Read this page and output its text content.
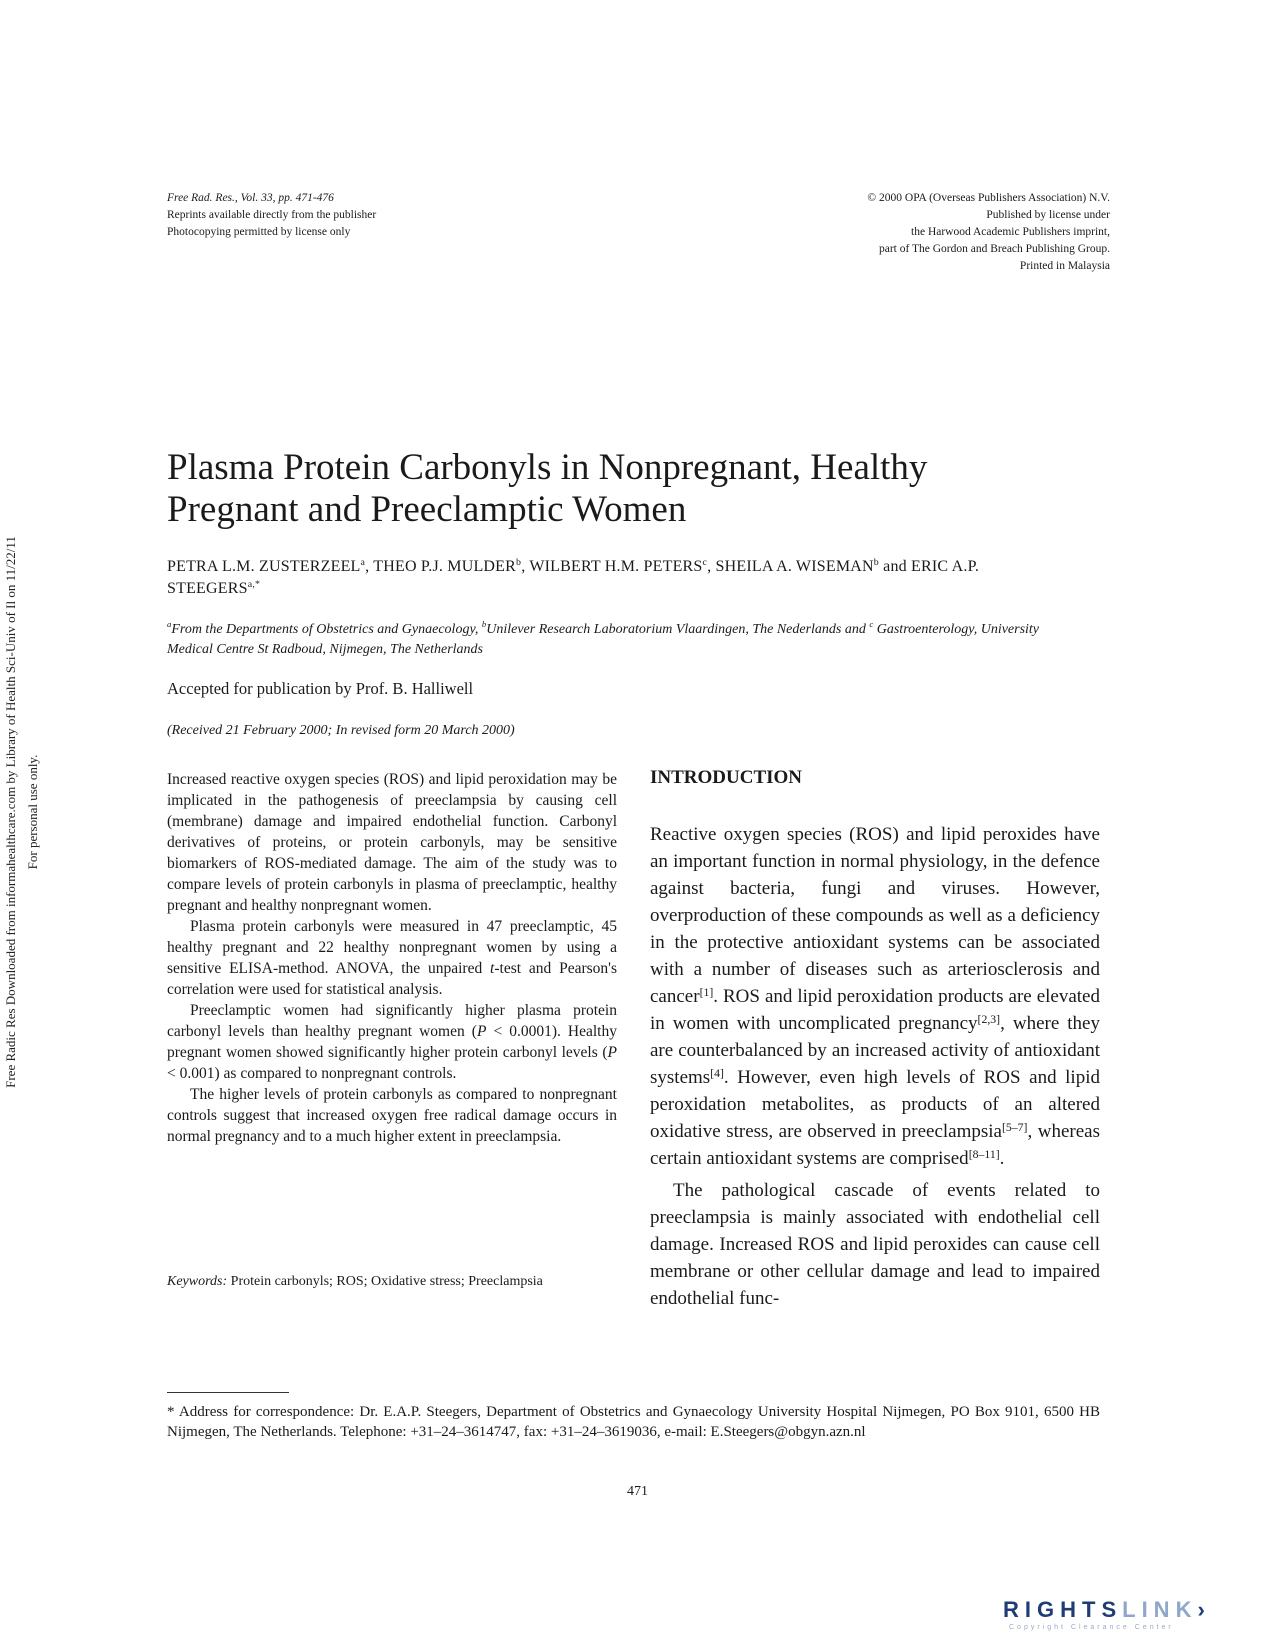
Free Rad. Res., Vol. 33, pp. 471-476
Reprints available directly from the publisher
Photocopying permitted by license only
© 2000 OPA (Overseas Publishers Association) N.V.
Published by license under
the Harwood Academic Publishers imprint,
part of The Gordon and Breach Publishing Group.
Printed in Malaysia
Free Radic Res Downloaded from informahealthcare.com by Library of Health Sci-Univ of Il on 11/22/11 For personal use only.
Plasma Protein Carbonyls in Nonpregnant, Healthy
Pregnant and Preeclamptic Women
PETRA L.M. ZUSTERZEEL$^a$, THEO P.J. MULDER$^b$, WILBERT H.M. PETERS$^c$, SHEILA A. WISEMAN$^b$ and ERIC A.P. $STEEGERS^{a,*}$
$^a$From the Departments of Obstetrics and Gynaecology, $^b$Unilever Research Laboratorium Vlaardingen, The Nederlands and $^c$ Gastroenterology, University Medical Centre St Radboud, Nijmegen, The Netherlands
Accepted for publication by Prof. B. Halliwell
(Received 21 February 2000; In revised form 20 March 2000)

Increased reactive oxygen species (ROS) and lipid peroxidation may be implicated in the pathogenesis of preeclampsia by causing cell (membrane) damage and impaired endothelial function. Carbonyl derivatives of proteins, or protein carbonyls, may be sensitive biomarkers of ROS-mediated damage. The aim of the study was to compare levels of protein carbonyls in plasma of preeclamptic, healthy pregnant and healthy nonpregnant women.

Plasma protein carbonyls were measured in 47 preeclamptic, 45 healthy pregnant and 22 healthy nonpregnant women by using a sensitive ELISA-method. ANOVA, the unpaired t-test and Pearson's correlation were used for statistical analysis.

Preeclamptic women had significantly higher plasma protein carbonyl levels than healthy pregnant women (P < 0.0001). Healthy pregnant women showed significantly higher protein carbonyl levels (P < 0.001) as compared to nonpregnant controls.

The higher levels of protein carbonyls as compared to nonpregnant controls suggest that increased oxygen free radical damage occurs in normal pregnancy and to a much higher extent in preeclampsia.

Keywords: Protein carbonyls; ROS; Oxidative stress; Preeclampsia
INTRODUCTION

Reactive oxygen species (ROS) and lipid peroxides have an important function in normal physiology, in the defence against bacteria, fungi and viruses. However, overproduction of these compounds as well as a deficiency in the protective antioxidant systems can be associated with a number of diseases such as arteriosclerosis and cancer[1]. ROS and lipid peroxidation products are elevated in women with uncomplicated pregnancy[2,3], where they are counterbalanced by an increased activity of antioxidant systems[4]. However, even high levels of ROS and lipid peroxidation metabolites, as products of an altered oxidative stress, are observed in preeclampsia[5–7], whereas certain antioxidant systems are comprised[8–11].

The pathological cascade of events related to preeclampsia is mainly associated with endothelial cell damage. Increased ROS and lipid peroxides can cause cell membrane or other cellular damage and lead to impaired endothelial func-

* Address for correspondence: Dr. E.A.P. Steegers, Department of Obstetrics and Gynaecology University Hospital Nijmegen, PO Box 9101, 6500 HB Nijmegen, The Netherlands. Telephone: +31–24–3614747, fax: +31–24–3619036, e-mail: E.Steegers@obgyn.azn.nl
471
RIGHTSLINK›
Copyright Clearance Center
